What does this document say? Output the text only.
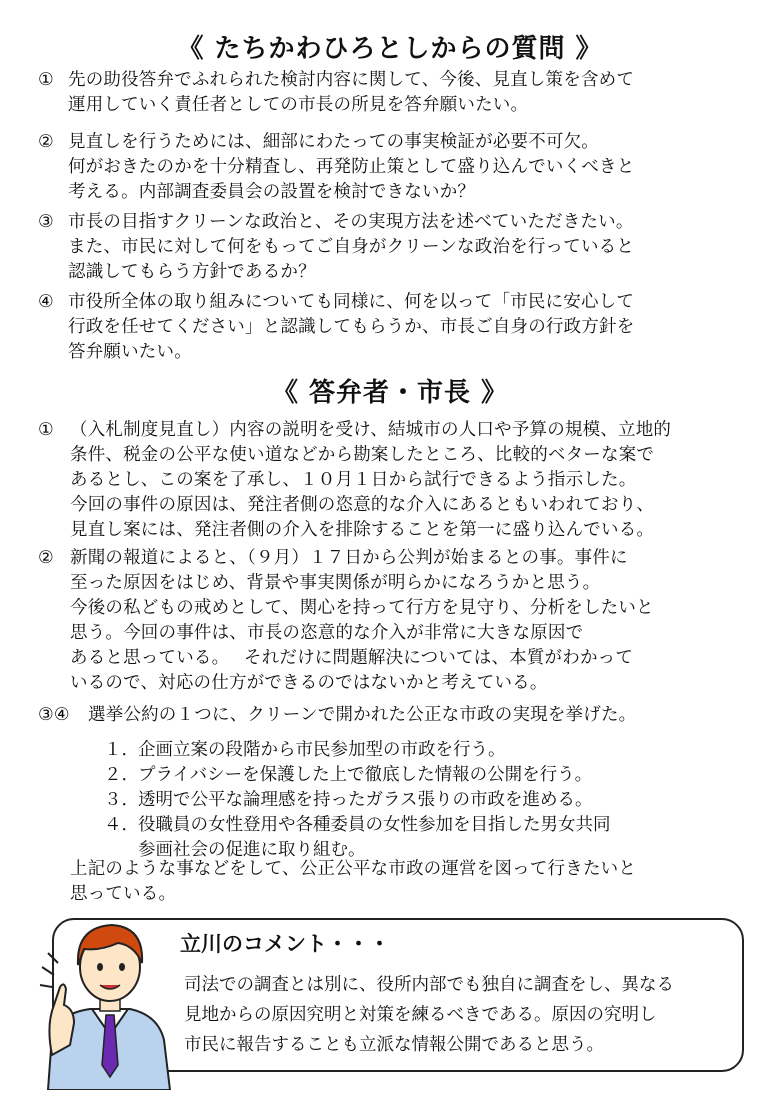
《 たちかわひろとしからの質問 》
① 先の助役答弁でふれられた検討内容に関して、今後、見直し策を含めて
運用していく責任者としての市長の所見を答弁願いたい。
② 見直しを行うためには、細部にわたっての事実検証が必要不可欠。
何がおきたのかを十分精査し、再発防止策として盛り込んでいくべきと
考える。内部調査委員会の設置を検討できないか？
③ 市長の目指すクリーンな政治と、その実現方法を述べていただきたい。
また、市民に対して何をもってご自身がクリーンな政治を行っていると
認識してもらう方針であるか？
④ 市役所全体の取り組みについても同様に、何を以って「市民に安心して
行政を任せてください」と認識してもらうか、市長ご自身の行政方針を
答弁願いたい。
《 答弁者・市長 》
① （入札制度見直し）内容の説明を受け、結城市の人口や予算の規模、立地的
条件、税金の公平な使い道などから勘案したところ、比較的ベターな案で
あるとし、この案を了承し、１０月１日から試行できるよう指示した。
今回の事件の原因は、発注者側の恣意的な介入にあるともいわれており、
見直し案には、発注者側の介入を排除することを第一に盛り込んでいる。
② 新聞の報道によると、（９月）１７日から公判が始まるとの事。事件に
至った原因をはじめ、背景や事実関係が明らかになろうかと思う。
今後の私どもの戒めとして、関心を持って行方を見守り、分析をしたいと
思う。今回の事件は、市長の恣意的な介入が非常に大きな原因で
あると思っている。　 それだけに問題解決については、本質がわかって
いるので、対応の仕方ができるのではないかと考えている。
③④ 選挙公約の１つに、クリーンで開かれた公正な市政の実現を挙げた。
１．企画立案の段階から市民参加型の市政を行う。
２．プライバシーを保護した上で徹底した情報の公開を行う。
３．透明で公平な論理感を持ったガラス張りの市政を進める。
４．役職員の女性登用や各種委員の女性参加を目指した男女共同
参画社会の促進に取り組む。
上記のような事などをして、公正公平な市政の運営を図って行きたいと
思っている。
立川のコメント・・・
司法での調査とは別に、役所内部でも独自に調査をし、異なる
見地からの原因究明と対策を練るべきである。原因の究明し
市民に報告することも立派な情報公開であると思う。
